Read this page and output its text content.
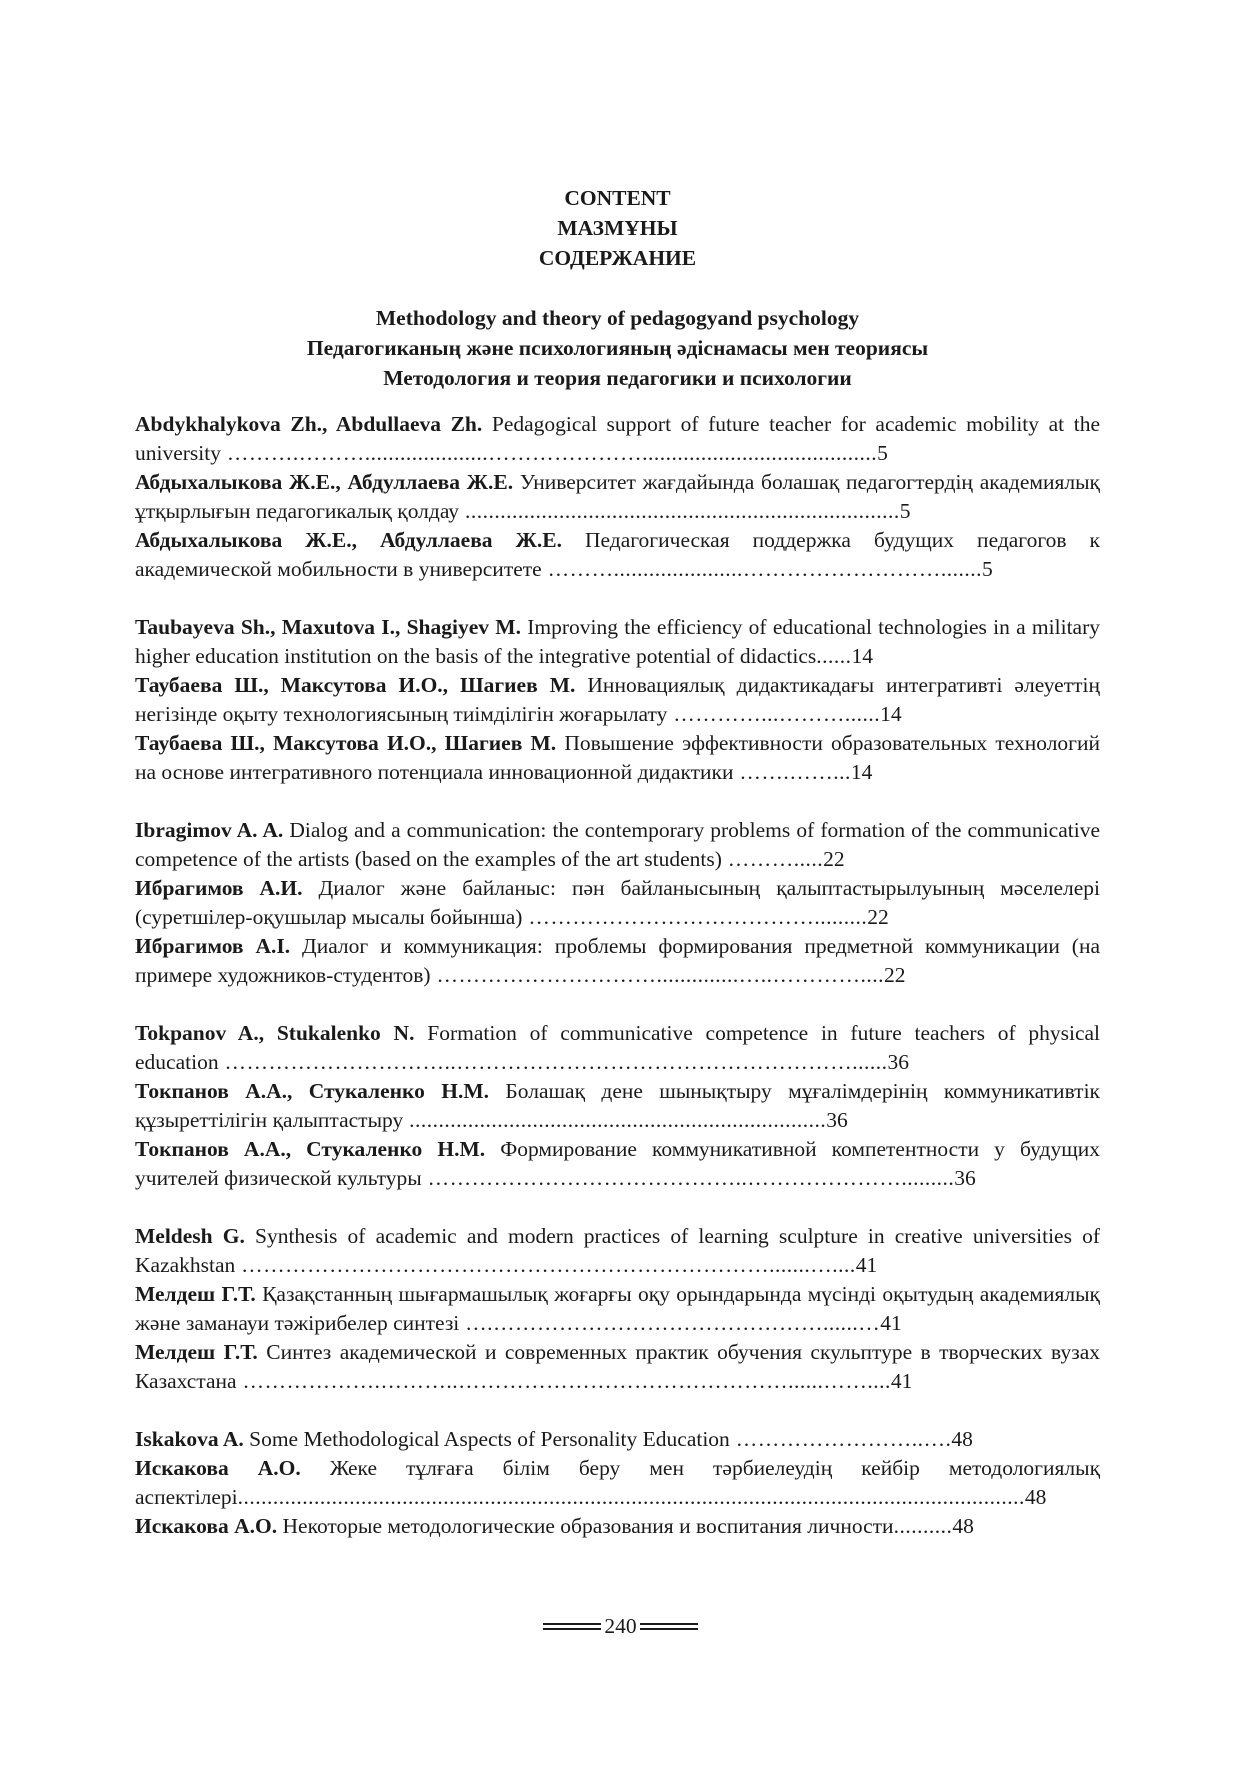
CONTENT
МАЗМҰНЫ
СОДЕРЖАНИЕ
Methodology and theory of pedagogyand psychology
Педагогиканың және психологияның әдіснамасы мен теориясы
Методология и теория педагогики и психологии
Abdykhalykova Zh., Abdullaeva Zh. Pedagogical support of future teacher for academic mobility at the university ……….……….....................…………………........................................5
Абдыхалыкова Ж.Е., Абдуллаева Ж.Е. Университет жағдайында болашақ педагогтердің академиялық ұтқырлығын педагогикалық қолдау ..........................................................................5
Абдыхалыкова Ж.Е., Абдуллаева Ж.Е. Педагогическая поддержка будущих педагогов к академической мобильности в университете ………......................……………………….......5
Taubayeva Sh., Maxutova I., Shagiyev M. Improving the efficiency of educational technologies in a military higher education institution on the basis of the integrative potential of didactics......14
Таубаева Ш., Максутова И.О., Шагиев М. Инновациялық дидактикадағы интегративті әлеуеттің негізінде оқыту технологиясының тиімділігін жоғарылату …………...………......14
Таубаева Ш., Максутова И.О., Шагиев М. Повышение эффективности образовательных технологий на основе интегративного потенциала инновационной дидактики …….……...14
Ibragimov A. A. Dialog and a communication: the contemporary problems of formation of the communicative competence of the artists (based on the examples of the art students) ……….....22
Ибрагимов А.И. Диалог және байланыс: пән байланысының қалыптастырылуының мәселелері (суретшілер-оқушылар мысалы бойынша) ………………………………….........22
Ибрагимов А.I. Диалог и коммуникация: проблемы формирования предметной коммуникации (на примере художников-студентов) …………………………..............…..…………....22
Tokpanov A., Stukalenko N. Formation of communicative competence in future teachers of physical education …………………………..………………………………………………......36
Токпанов А.А., Стукаленко Н.М. Болашақ дене шынықтыру мұғалімдерінің коммуникативтік құзыреттілігін қалыптастыру .......................................................................36
Токпанов А.А., Стукаленко Н.М. Формирование коммуникативной компетентности у будущих учителей физической культуры ……………………………………..………………….........36
Meldesh G. Synthesis of academic and modern practices of learning sculpture in creative universities of Kazakhstan ……………………………………………………………….......…....41
Мелдеш Г.Т. Қазақстанның шығармашылық жоғарғы оқу орындарында мүсінді оқытудың академиялық және заманауи тәжірибелер синтезі ….………………………………………......…41
Мелдеш Г.Т. Синтез академической и современных практик обучения скульптуре в творческих вузах Казахстана ……………….………..………………………………………......……....41
Iskakova A. Some Methodological Aspects of Personality Education ……………………..….48
Искакова А.О. Жеке тұлғаға білім беру мен тәрбиелеудің кейбір методологиялық аспектілері......................................................................................................................................48
Искакова А.О. Некоторые методологические образования и воспитания личности..........48
240
